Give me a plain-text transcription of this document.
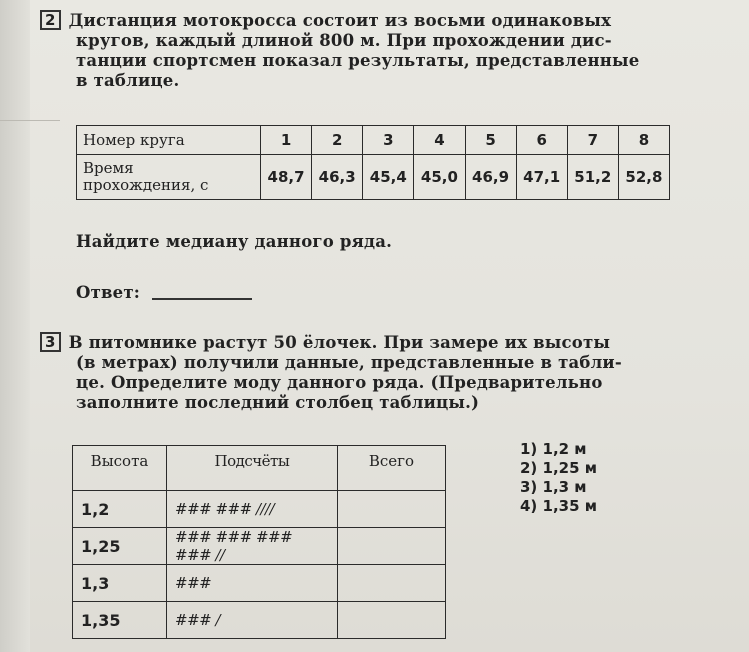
2 Дистанция мотокросса состоит из восьми одинаковых
кругов, каждый длиной 800 м. При прохождении дис-
танции спортсмен показал результаты, представленные
в таблице.
Номер круга	1	2	3	4	5	6	7	8

Время
прохождения, с	48,7	46,3	45,4	45,0	46,9	47,1	51,2	52,8
Найдите медиану данного ряда.
Ответ:
3 В питомнике растут 50 ёлочек. При замере их высоты
(в метрах) получили данные, представленные в табли-
це. Определите моду данного ряда. (Предварительно
заполните последний столбец таблицы.)
Высота	Подсчёты	Всего
1,2	### ### ////	
1,25	### ### ### ### //	
1,3	###	
1,35	### /	
1) 1,2 м
2) 1,25 м
3) 1,3 м
4) 1,35 м
